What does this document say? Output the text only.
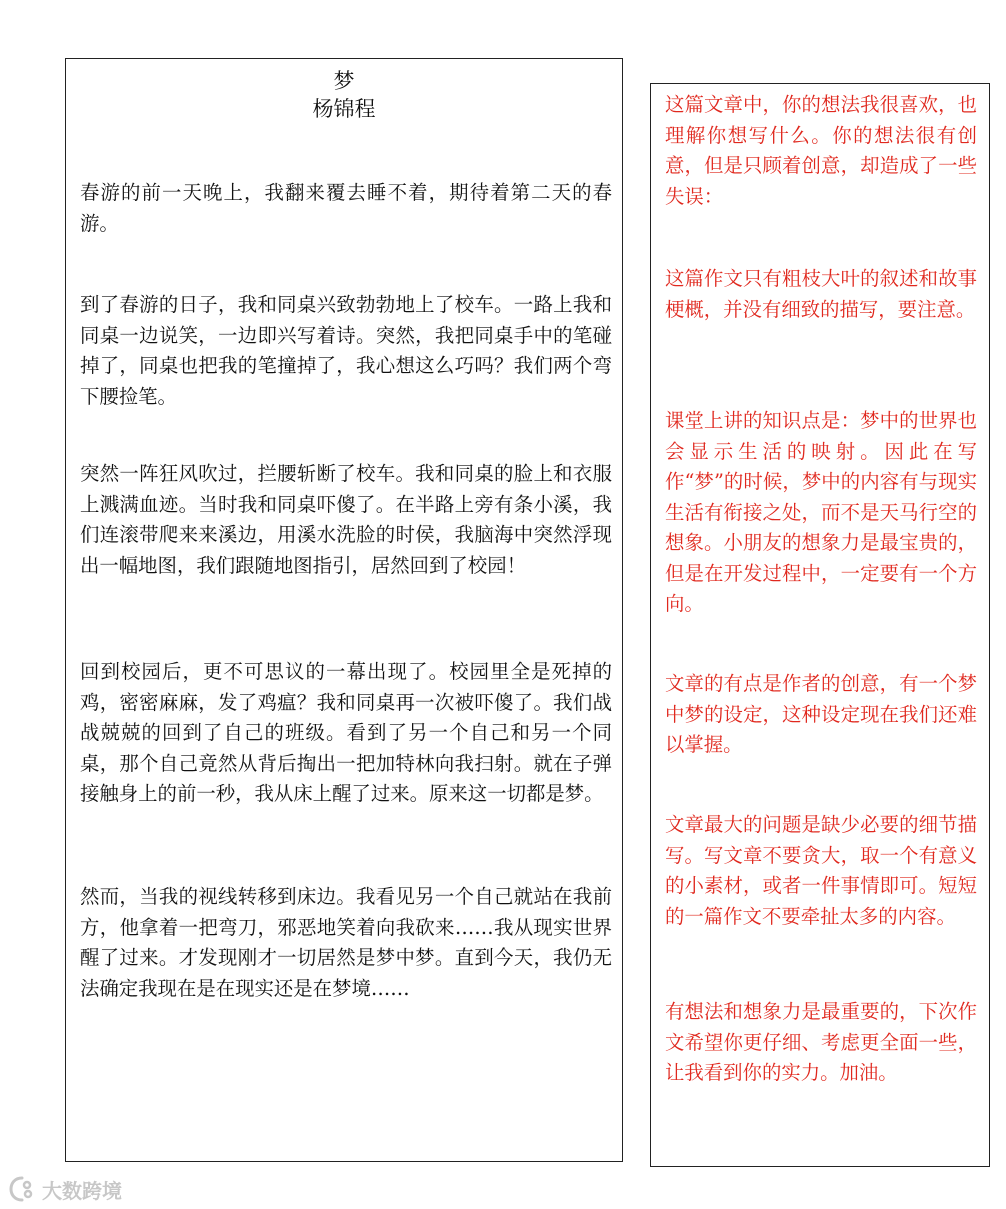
梦
杨锦程

春游的前一天晚上，我翻来覆去睡不着，期待着第二天的春游。

到了春游的日子，我和同桌兴致勃勃地上了校车。一路上我和同桌一边说笑，一边即兴写着诗。突然，我把同桌手中的笔碰掉了，同桌也把我的笔撞掉了，我心想这么巧吗？我们两个弯下腰捡笔。

突然一阵狂风吹过，拦腰斩断了校车。我和同桌的脸上和衣服上溅满血迹。当时我和同桌吓傻了。在半路上旁有条小溪，我们连滚带爬来来溪边，用溪水洗脸的时侯，我脑海中突然浮现出一幅地图，我们跟随地图指引，居然回到了校园！

回到校园后，更不可思议的一幕出现了。校园里全是死掉的鸡，密密麻麻，发了鸡瘟？我和同桌再一次被吓傻了。我们战战兢兢的回到了自己的班级。看到了另一个自己和另一个同桌，那个自己竟然从背后掏出一把加特林向我扫射。就在子弹接触身上的前一秒，我从床上醒了过来。原来这一切都是梦。

然而，当我的视线转移到床边。我看见另一个自己就站在我前方，他拿着一把弯刀，邪恶地笑着向我砍来……我从现实世界醒了过来。才发现刚才一切居然是梦中梦。直到今天，我仍无法确定我现在是在现实还是在梦境……

这篇文章中，你的想法我很喜欢，也理解你想写什么。你的想法很有创意，但是只顾着创意，却造成了一些失误：

这篇作文只有粗枝大叶的叙述和故事梗概，并没有细致的描写，要注意。

课堂上讲的知识点是：梦中的世界也会显示生活的映射。因此在写作“梦”的时候，梦中的内容有与现实生活有衔接之处，而不是天马行空的想象。小朋友的想象力是最宝贵的，但是在开发过程中，一定要有一个方向。

文章的有点是作者的创意，有一个梦中梦的设定，这种设定现在我们还难以掌握。

文章最大的问题是缺少必要的细节描写。写文章不要贪大，取一个有意义的小素材，或者一件事情即可。短短的一篇作文不要牵扯太多的内容。

有想法和想象力是最重要的，下次作文希望你更仔细、考虑更全面一些，让我看到你的实力。加油。

大数跨境
